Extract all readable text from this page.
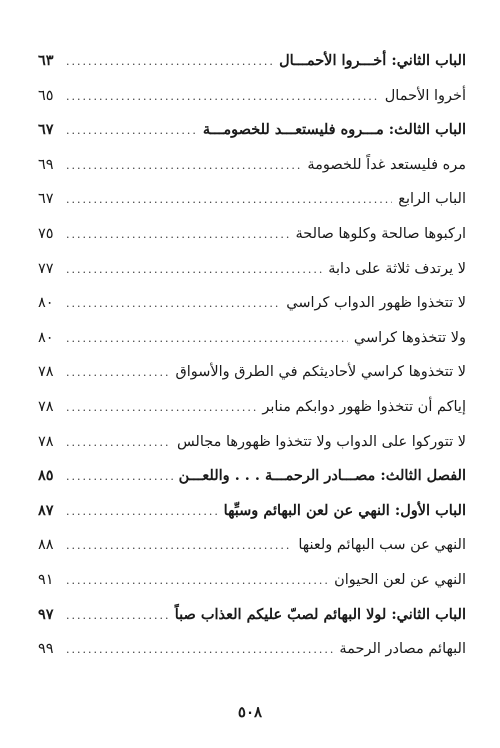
الباب الثاني: أخـــروا الأحمـــال
.....
٦٣
أخروا الأحمال
.....
٦٥
الباب الثالث: مـــروه فليستعـــد للخصومـــة
.....
٦٧
مره فليستعد غداً للخصومة
.....
٦٩
الباب الرابع
.....
٦٧
اركبوها صالحة وكلوها صالحة
.....
٧٥
لا يرتدف ثلاثة على دابة
.....
٧٧
لا تتخذوا ظهور الدواب كراسي
.....
٨٠
ولا تتخذوها كراسي
.....
٨٠
لا تتخذوها كراسي لأحاديثكم في الطرق والأسواق
.....
٧٨
إياكم أن تتخذوا ظهور دوابكم منابر
.....
٧٨
لا تتوركوا على الدواب ولا تتخذوا ظهورها مجالس
.....
٧٨
الفصل الثالث: مصـــادر الرحمـــة . . . واللعـــن
.....
٨٥
الباب الأول: النهي عن لعن البهائم وسبِّها
.....
٨٧
النهي عن سب البهائم ولعنها
.....
٨٨
النهي عن لعن الحيوان
.....
٩١
الباب الثاني: لولا البهائم لصبّ عليكم العذاب صباً
.....
٩٧
البهائم مصادر الرحمة
.....
٩٩
٥٠٨
